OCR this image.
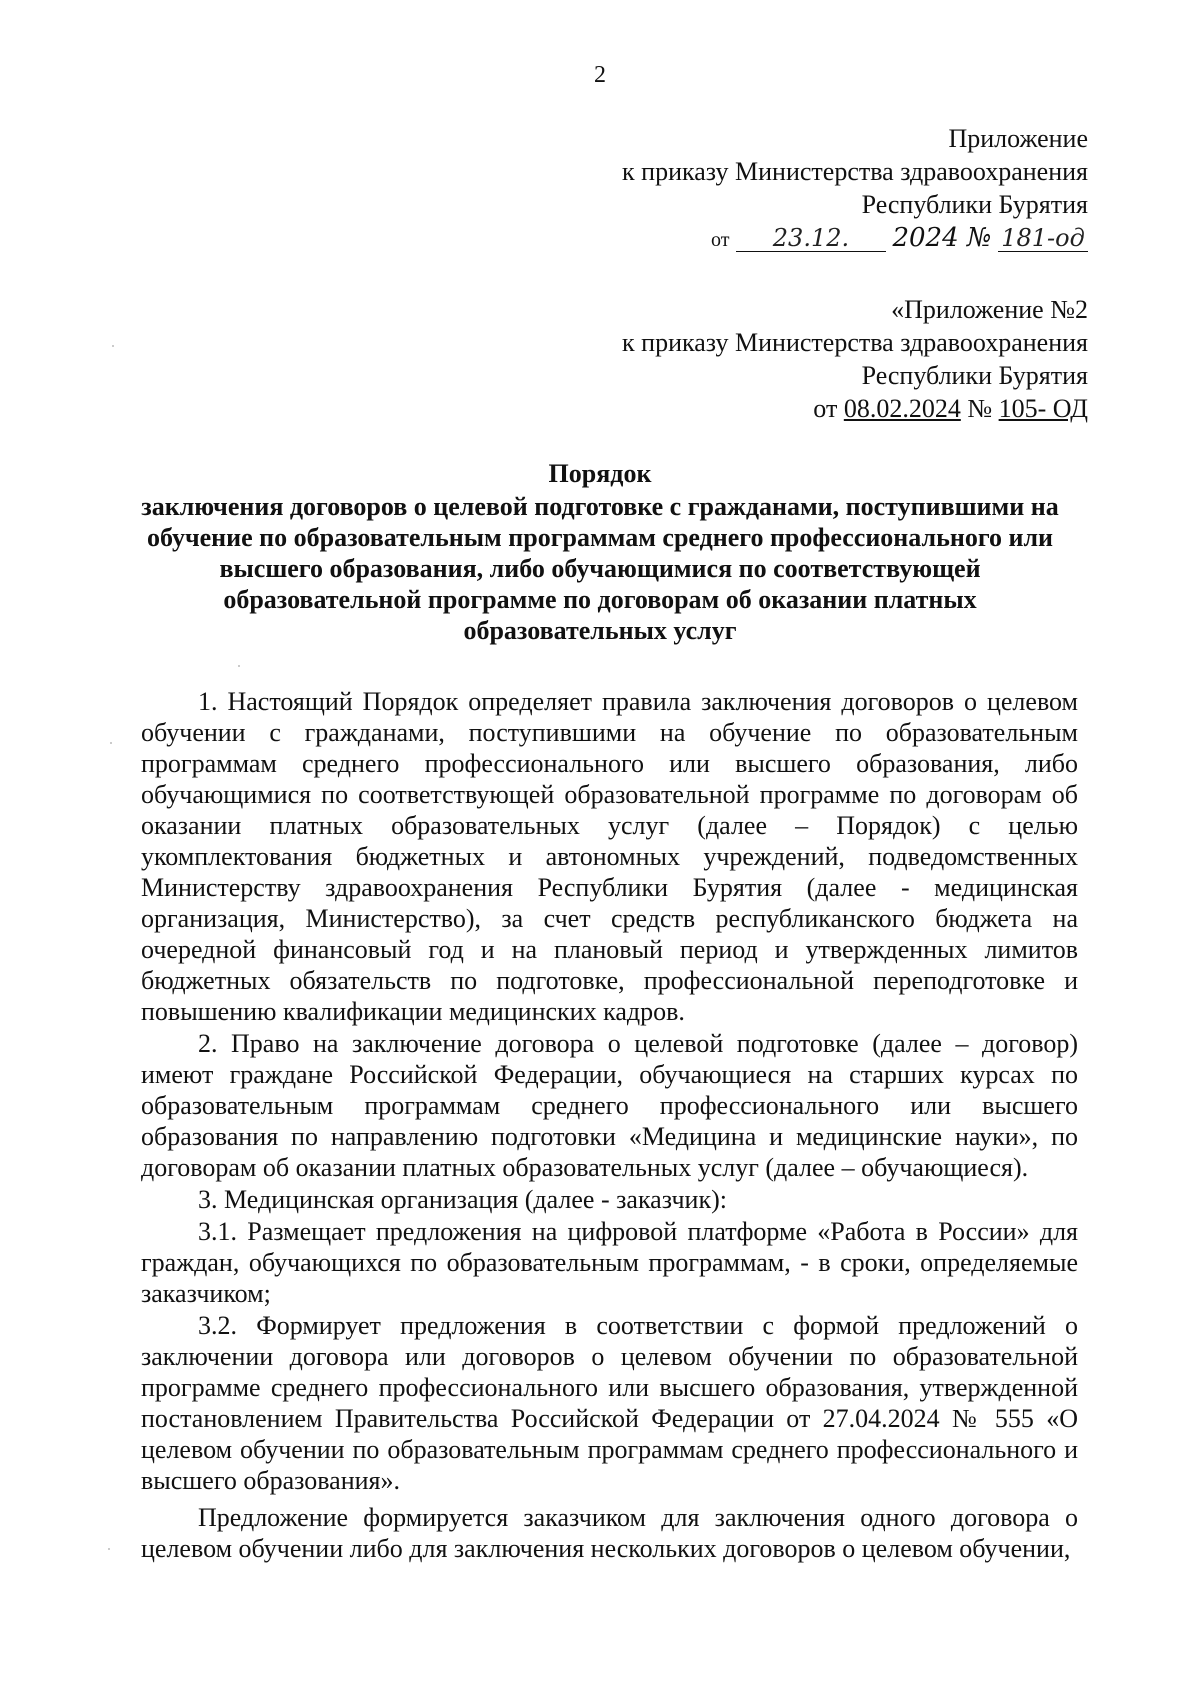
2
Приложение
к приказу Министерства здравоохранения
Республики Бурятия
от 23.12. 2024 № 181-од
«Приложение №2
к приказу Министерства здравоохранения
Республики Бурятия
от 08.02.2024 № 105- ОД
Порядок
заключения договоров о целевой подготовке с гражданами, поступившими на
обучение по образовательным программам среднего профессионального или
высшего образования, либо обучающимися по соответствующей
образовательной программе по договорам об оказании платных
образовательных услуг

1. Настоящий Порядок определяет правила заключения договоров о целевом обучении с гражданами, поступившими на обучение по образовательным программам среднего профессионального или высшего образования, либо обучающимися по соответствующей образовательной программе по договорам об оказании платных образовательных услуг (далее – Порядок) с целью укомплектования бюджетных и автономных учреждений, подведомственных Министерству здравоохранения Республики Бурятия (далее - медицинская организация, Министерство), за счет средств республиканского бюджета на очередной финансовый год и на плановый период и утвержденных лимитов бюджетных обязательств по подготовке, профессиональной переподготовке и повышению квалификации медицинских кадров.

2. Право на заключение договора о целевой подготовке (далее – договор) имеют граждане Российской Федерации, обучающиеся на старших курсах по образовательным программам среднего профессионального или высшего образования по направлению подготовки «Медицина и медицинские науки», по договорам об оказании платных образовательных услуг (далее – обучающиеся).

3. Медицинская организация (далее - заказчик):

3.1. Размещает предложения на цифровой платформе «Работа в России» для граждан, обучающихся по образовательным программам, - в сроки, определяемые заказчиком;

3.2. Формирует предложения в соответствии с формой предложений о заключении договора или договоров о целевом обучении по образовательной программе среднего профессионального или высшего образования, утвержденной постановлением Правительства Российской Федерации от 27.04.2024 № 555 «О целевом обучении по образовательным программам среднего профессионального и высшего образования».

Предложение формируется заказчиком для заключения одного договора о целевом обучении либо для заключения нескольких договоров о целевом обучении,
